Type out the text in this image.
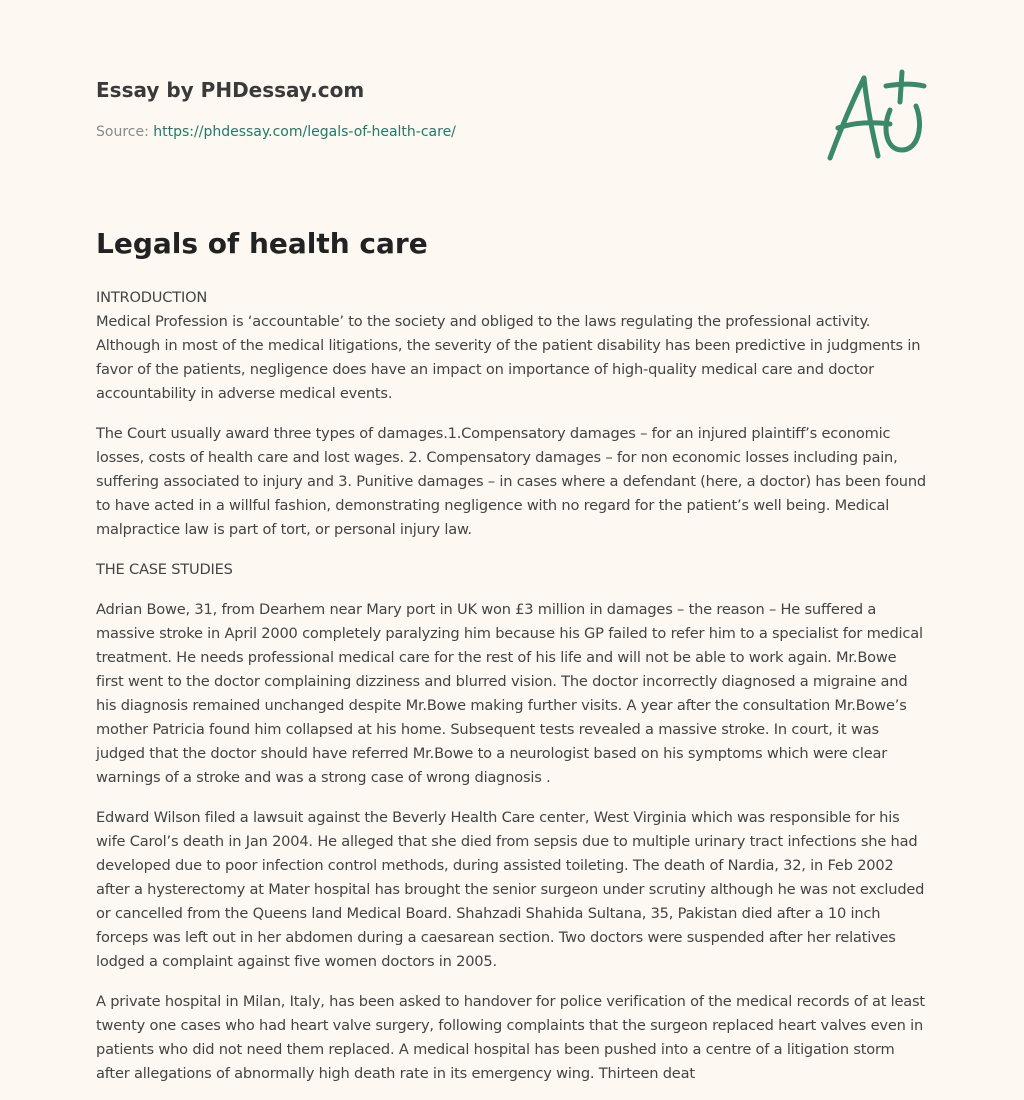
Essay by PHDessay.com
Source: https://phdessay.com/legals-of-health-care/
Legals of health care

INTRODUCTION
Medical Profession is ‘accountable’ to the society and obliged to the laws regulating the professional activity. Although in most of the medical litigations, the severity of the patient disability has been predictive in judgments in favor of the patients, negligence does have an impact on importance of high-quality medical care and doctor accountability in adverse medical events.

The Court usually award three types of damages.1.Compensatory damages – for an injured plaintiff’s economic losses, costs of health care and lost wages. 2. Compensatory damages – for non economic losses including pain, suffering associated to injury and 3. Punitive damages – in cases where a defendant (here, a doctor) has been found to have acted in a willful fashion, demonstrating negligence with no regard for the patient’s well being. Medical malpractice law is part of tort, or personal injury law.

THE CASE STUDIES

Adrian Bowe, 31, from Dearhem near Mary port in UK won £3 million in damages – the reason – He suffered a massive stroke in April 2000 completely paralyzing him because his GP failed to refer him to a specialist for medical treatment. He needs professional medical care for the rest of his life and will not be able to work again. Mr.Bowe first went to the doctor complaining dizziness and blurred vision. The doctor incorrectly diagnosed a migraine and his diagnosis remained unchanged despite Mr.Bowe making further visits. A year after the consultation Mr.Bowe’s mother Patricia found him collapsed at his home. Subsequent tests revealed a massive stroke. In court, it was judged that the doctor should have referred Mr.Bowe to a neurologist based on his symptoms which were clear warnings of a stroke and was a strong case of wrong diagnosis .

Edward Wilson filed a lawsuit against the Beverly Health Care center, West Virginia which was responsible for his wife Carol’s death in Jan 2004. He alleged that she died from sepsis due to multiple urinary tract infections she had developed due to poor infection control methods, during assisted toileting. The death of Nardia, 32, in Feb 2002 after a hysterectomy at Mater hospital has brought the senior surgeon under scrutiny although he was not excluded or cancelled from the Queens land Medical Board. Shahzadi Shahida Sultana, 35, Pakistan died after a 10 inch forceps was left out in her abdomen during a caesarean section. Two doctors were suspended after her relatives lodged a complaint against five women doctors in 2005.

A private hospital in Milan, Italy, has been asked to handover for police verification of the medical records of at least twenty one cases who had heart valve surgery, following complaints that the surgeon replaced heart valves even in patients who did not need them replaced. A medical hospital has been pushed into a centre of a litigation storm after allegations of abnormally high death rate in its emergency wing. Thirteen deat
